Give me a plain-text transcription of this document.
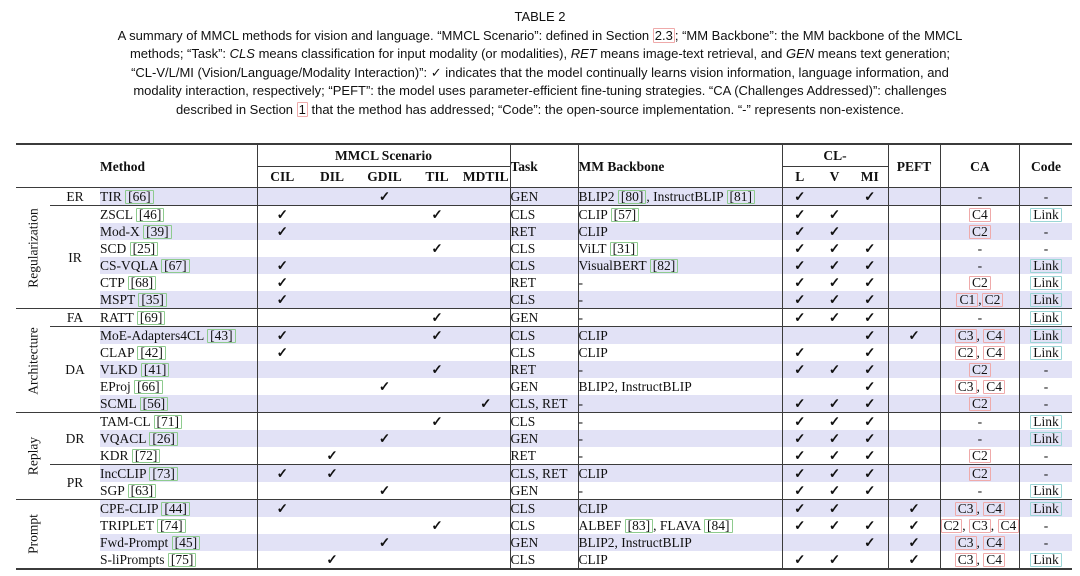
TABLE 2
A summary of MMCL methods for vision and language. “MMCL Scenario”: defined in Section 2.3 ; “MM Backbone”: the MM backbone of the MMCL
methods; “Task”: CLS means classification for input modality (or modalities), RET means image-text retrieval, and GEN means text generation;
“CL-V/L/MI (Vision/Language/Modality Interaction)”: ✓ indicates that the model continually learns vision information, language information, and
modality interaction, respectively; “PEFT”: the model uses parameter-efficient fine-tuning strategies. “CA (Challenges Addressed)”: challenges
described in Section 1 that the method has addressed; “Code”: the open-source implementation. “-” represents non-existence.
		Method	MMCL Scenario					Task	MM Backbone	CL-			PEFT	CA	Code
			CIL	DIL	GDIL	TIL	MDTIL			L	V	MI			

Regularization	ER	TIR [66]			✓			GEN	BLIP2 [80] , InstructBLIP [81]	✓		✓		-	-
	IR	ZSCL [46]	✓			✓		CLS	CLIP [57]	✓	✓			C4	Link
		Mod-X [39]	✓					RET	CLIP	✓	✓			C2	-
		SCD [25]				✓		CLS	ViLT [31]	✓	✓	✓		-	-
		CS-VQLA [67]	✓					CLS	VisualBERT [82]	✓	✓	✓		-	Link
		CTP [68]	✓					RET	-	✓	✓	✓		C2	Link
		MSPT [35]	✓					CLS	-	✓	✓	✓		C1 , C2	Link

Architecture	FA	RATT [69]				✓		GEN	-	✓	✓	✓		-	Link
	DA	MoE-Adapters4CL [43]	✓			✓		CLS	CLIP			✓	✓	C3 , C4	Link
		CLAP [42]	✓					CLS	CLIP	✓		✓		C2 , C4	Link
		VLKD [41]				✓		RET	-	✓	✓	✓		C2	-
		EProj [66]			✓			GEN	BLIP2, InstructBLIP			✓		C3 , C4	-
		SCML [56]					✓	CLS, RET	-	✓	✓	✓		C2	-

Replay	DR	TAM-CL [71]				✓		CLS	-	✓	✓	✓		-	Link
		VQACL [26]			✓			GEN	-	✓	✓	✓		-	Link
		KDR [72]		✓				RET	-	✓	✓	✓		C2	-
	PR	IncCLIP [73]	✓	✓				CLS, RET	CLIP	✓	✓	✓		C2	-
		SGP [63]			✓			GEN	-	✓	✓	✓		-	Link

Prompt		CPE-CLIP [44]	✓					CLS	CLIP	✓	✓		✓	C3 , C4	Link
		TRIPLET [74]				✓		CLS	ALBEF [83] , FLAVA [84]	✓	✓	✓	✓	C2 , C3 , C4	-
		Fwd-Prompt [45]			✓			GEN	BLIP2, InstructBLIP			✓	✓	C3 , C4	-
		S-liPrompts [75]		✓				CLS	CLIP	✓	✓		✓	C3 , C4	Link
